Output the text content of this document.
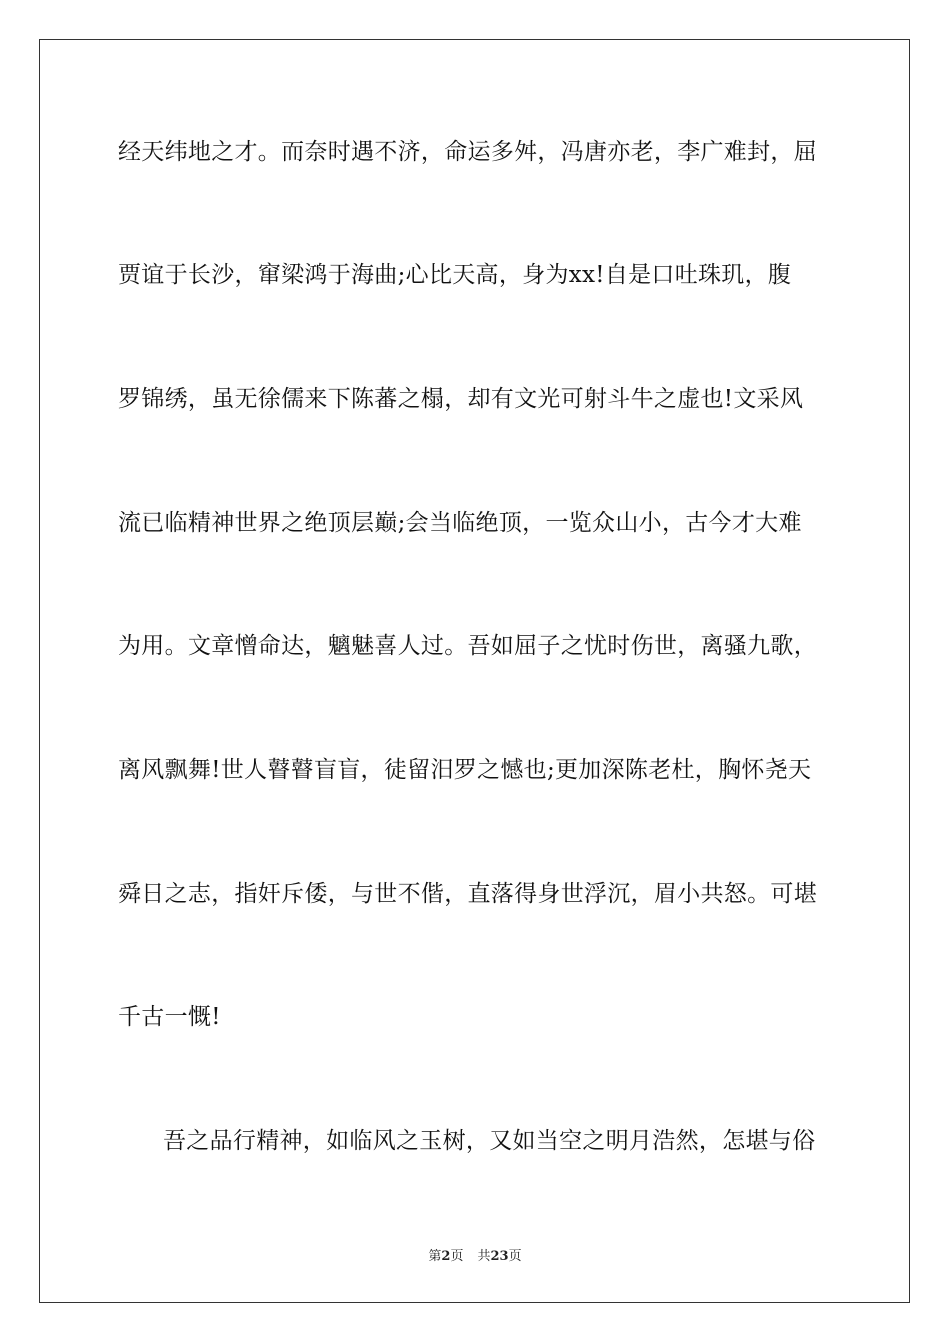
经天纬地之才。而奈时遇不济，命运多舛，冯唐亦老，李广难封，屈
贾谊于长沙，窜梁鸿于海曲;心比天高，身为xx!自是口吐珠玑，腹
罗锦绣，虽无徐儒来下陈蕃之榻，却有文光可射斗牛之虚也!文采风
流已临精神世界之绝顶层巅;会当临绝顶，一览众山小，古今才大难
为用。文章憎命达，魑魅喜人过。吾如屈子之忧时伤世，离骚九歌，
离风飘舞!世人瞽瞽盲盲，徒留汨罗之憾也;更加深陈老杜，胸怀尧天
舜日之志，指奸斥倭，与世不偕，直落得身世浮沉，眉小共怒。可堪
千古一慨!
吾之品行精神，如临风之玉树，又如当空之明月浩然，怎堪与俗
第2页 共23页
